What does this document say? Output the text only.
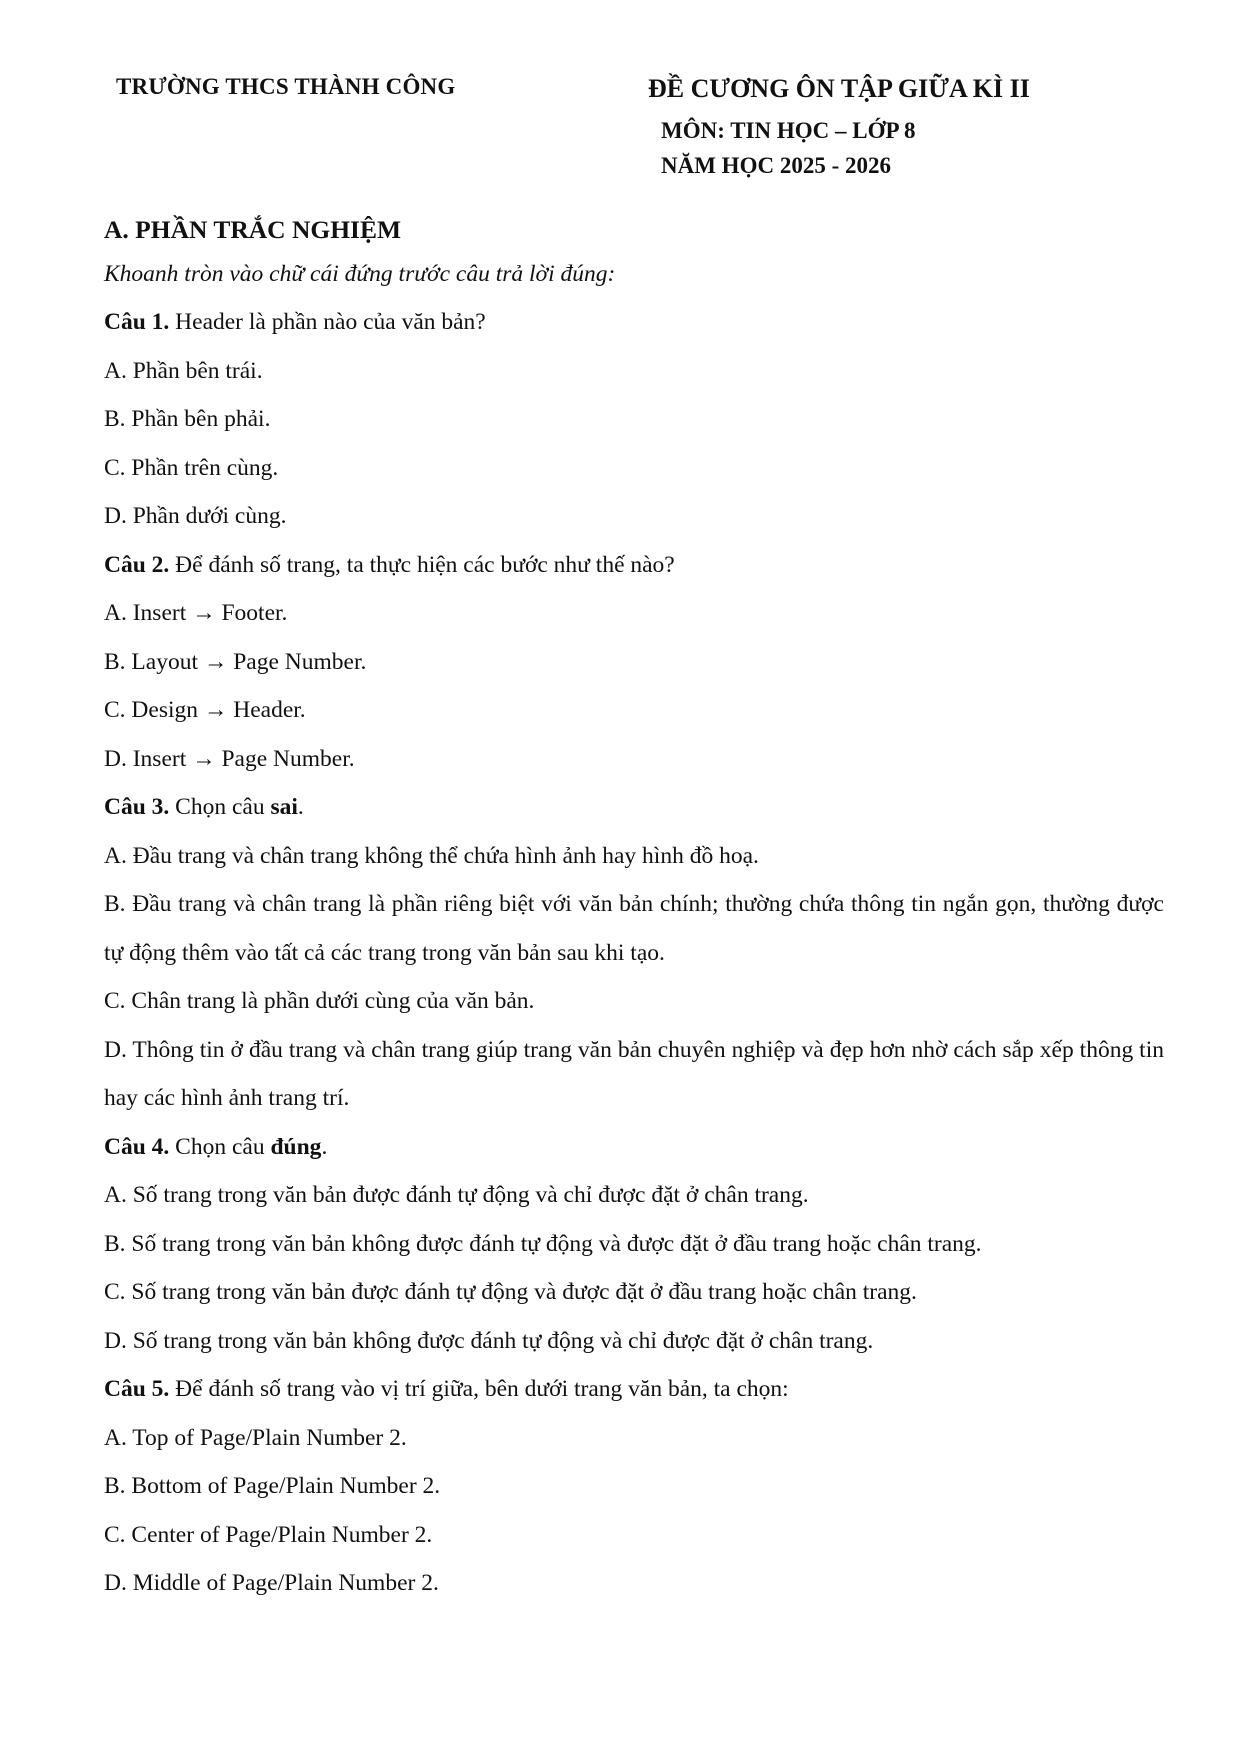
TRƯỜNG THCS THÀNH CÔNG	ĐỀ CƯƠNG ÔN TẬP GIỮA KÌ II
MÔN: TIN HỌC – LỚP 8
NĂM HỌC 2025 - 2026

A. PHẦN TRẮC NGHIỆM

Khoanh tròn vào chữ cái đứng trước câu trả lời đúng:

Câu 1. Header là phần nào của văn bản?

A. Phần bên trái.

B. Phần bên phải.

C. Phần trên cùng.

D. Phần dưới cùng.

Câu 2. Để đánh số trang, ta thực hiện các bước như thế nào?

A. Insert → Footer.

B. Layout → Page Number.

C. Design → Header.

D. Insert → Page Number.

Câu 3. Chọn câu sai.

A. Đầu trang và chân trang không thể chứa hình ảnh hay hình đồ hoạ.

B. Đầu trang và chân trang là phần riêng biệt với văn bản chính; thường chứa thông tin ngắn gọn, thường được tự động thêm vào tất cả các trang trong văn bản sau khi tạo.

C. Chân trang là phần dưới cùng của văn bản.

D. Thông tin ở đầu trang và chân trang giúp trang văn bản chuyên nghiệp và đẹp hơn nhờ cách sắp xếp thông tin hay các hình ảnh trang trí.

Câu 4. Chọn câu đúng.

A. Số trang trong văn bản được đánh tự động và chỉ được đặt ở chân trang.

B. Số trang trong văn bản không được đánh tự động và được đặt ở đầu trang hoặc chân trang.

C. Số trang trong văn bản được đánh tự động và được đặt ở đầu trang hoặc chân trang.

D. Số trang trong văn bản không được đánh tự động và chỉ được đặt ở chân trang.

Câu 5. Để đánh số trang vào vị trí giữa, bên dưới trang văn bản, ta chọn:

A. Top of Page/Plain Number 2.

B. Bottom of Page/Plain Number 2.

C. Center of Page/Plain Number 2.

D. Middle of Page/Plain Number 2.
